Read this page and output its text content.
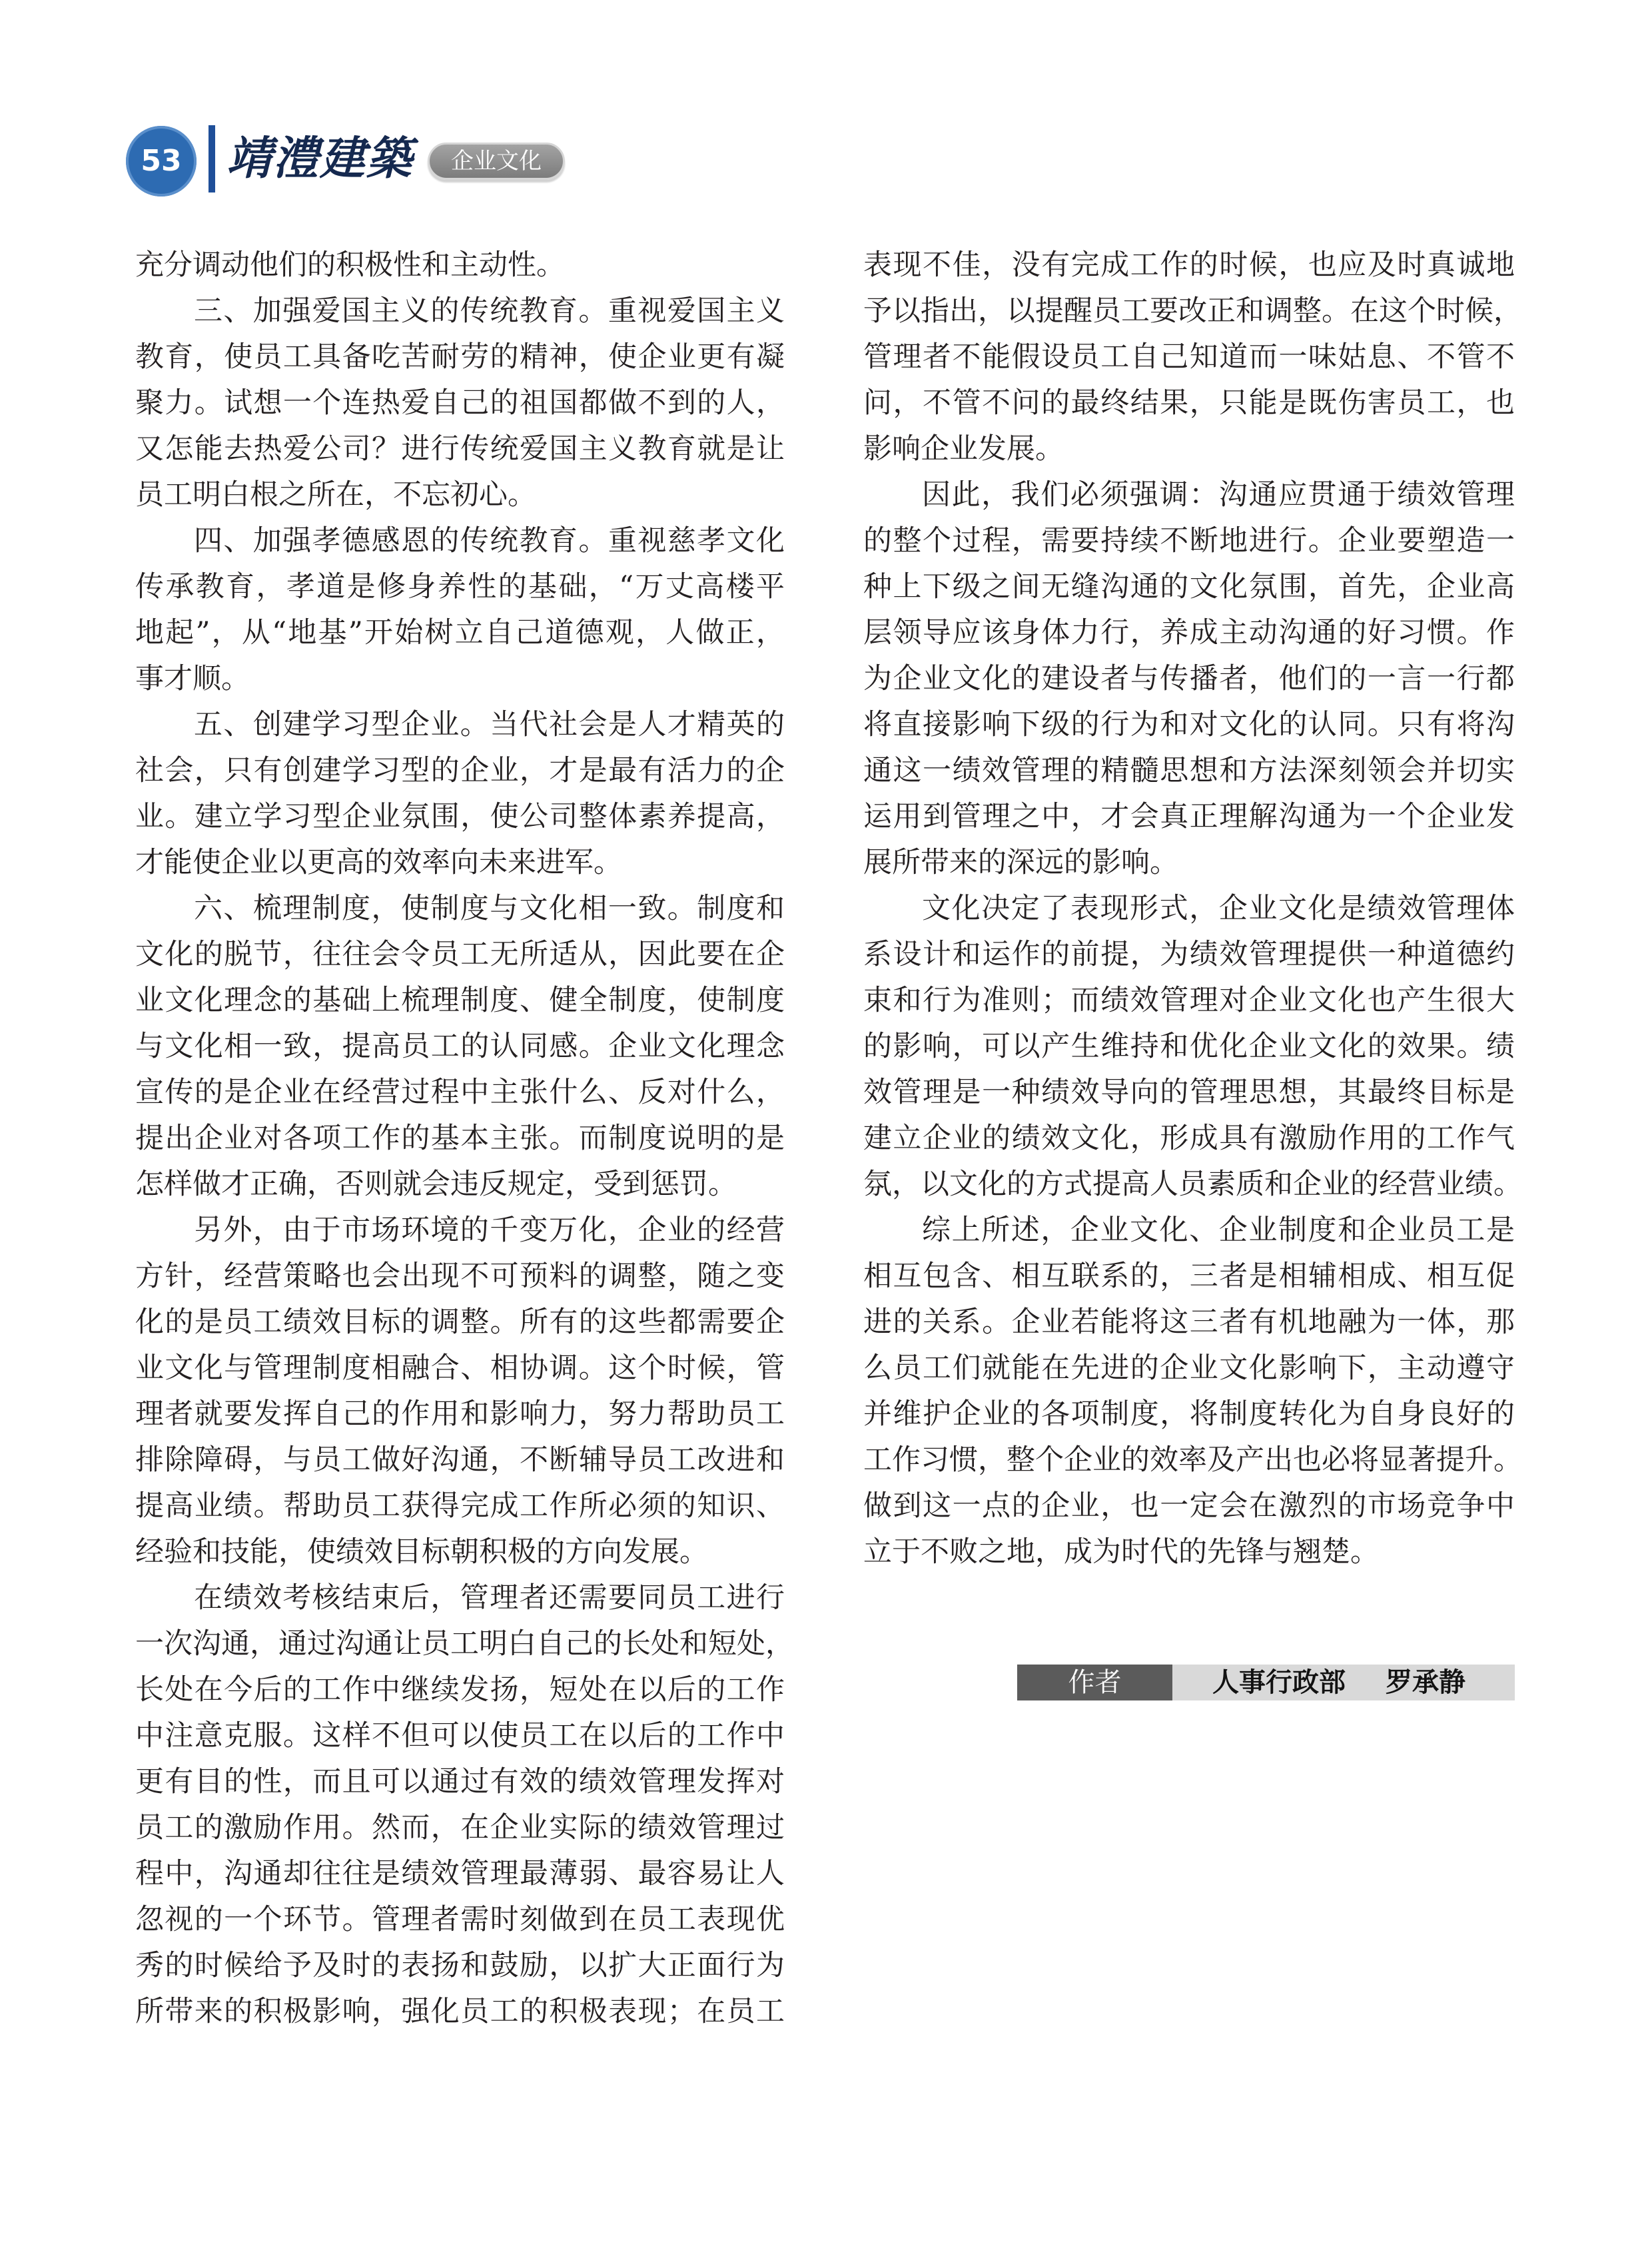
53 靖澧建築	企业文化
充分调动他们的积极性和主动性。
三、加强爱国主义的传统教育。重视爱国主义
教育，使员工具备吃苦耐劳的精神，使企业更有凝
聚力。试想一个连热爱自己的祖国都做不到的人，
又怎能去热爱公司？进行传统爱国主义教育就是让
员工明白根之所在，不忘初心。
四、加强孝德感恩的传统教育。重视慈孝文化
传承教育，孝道是修身养性的基础，“万丈高楼平
地起”，从“地基”开始树立自己道德观，人做正，
事才顺。
五、创建学习型企业。当代社会是人才精英的
社会，只有创建学习型的企业，才是最有活力的企
业。建立学习型企业氛围，使公司整体素养提高，
才能使企业以更高的效率向未来进军。
六、梳理制度，使制度与文化相一致。制度和
文化的脱节，往往会令员工无所适从，因此要在企
业文化理念的基础上梳理制度、健全制度，使制度
与文化相一致，提高员工的认同感。企业文化理念
宣传的是企业在经营过程中主张什么、反对什么，
提出企业对各项工作的基本主张。而制度说明的是
怎样做才正确，否则就会违反规定，受到惩罚。
另外，由于市场环境的千变万化，企业的经营
方针，经营策略也会出现不可预料的调整，随之变
化的是员工绩效目标的调整。所有的这些都需要企
业文化与管理制度相融合、相协调。这个时候，管
理者就要发挥自己的作用和影响力，努力帮助员工
排除障碍，与员工做好沟通，不断辅导员工改进和
提高业绩。帮助员工获得完成工作所必须的知识、
经验和技能，使绩效目标朝积极的方向发展。
在绩效考核结束后，管理者还需要同员工进行
一次沟通，通过沟通让员工明白自己的长处和短处，
长处在今后的工作中继续发扬，短处在以后的工作
中注意克服。这样不但可以使员工在以后的工作中
更有目的性，而且可以通过有效的绩效管理发挥对
员工的激励作用。然而，在企业实际的绩效管理过
程中，沟通却往往是绩效管理最薄弱、最容易让人
忽视的一个环节。管理者需时刻做到在员工表现优
秀的时候给予及时的表扬和鼓励，以扩大正面行为
所带来的积极影响，强化员工的积极表现；在员工
表现不佳，没有完成工作的时候，也应及时真诚地
予以指出，以提醒员工要改正和调整。在这个时候，
管理者不能假设员工自己知道而一味姑息、不管不
问，不管不问的最终结果，只能是既伤害员工，也
影响企业发展。
因此，我们必须强调：沟通应贯通于绩效管理
的整个过程，需要持续不断地进行。企业要塑造一
种上下级之间无缝沟通的文化氛围，首先，企业高
层领导应该身体力行，养成主动沟通的好习惯。作
为企业文化的建设者与传播者，他们的一言一行都
将直接影响下级的行为和对文化的认同。只有将沟
通这一绩效管理的精髓思想和方法深刻领会并切实
运用到管理之中，才会真正理解沟通为一个企业发
展所带来的深远的影响。
文化决定了表现形式，企业文化是绩效管理体
系设计和运作的前提，为绩效管理提供一种道德约
束和行为准则；而绩效管理对企业文化也产生很大
的影响，可以产生维持和优化企业文化的效果。绩
效管理是一种绩效导向的管理思想，其最终目标是
建立企业的绩效文化，形成具有激励作用的工作气
氛，以文化的方式提高人员素质和企业的经营业绩。
综上所述，企业文化、企业制度和企业员工是
相互包含、相互联系的，三者是相辅相成、相互促
进的关系。企业若能将这三者有机地融为一体，那
么员工们就能在先进的企业文化影响下，主动遵守
并维护企业的各项制度，将制度转化为自身良好的
工作习惯，整个企业的效率及产出也必将显著提升。
做到这一点的企业，也一定会在激烈的市场竞争中
立于不败之地，成为时代的先锋与翘楚。
作者	人事行政部 罗承静
